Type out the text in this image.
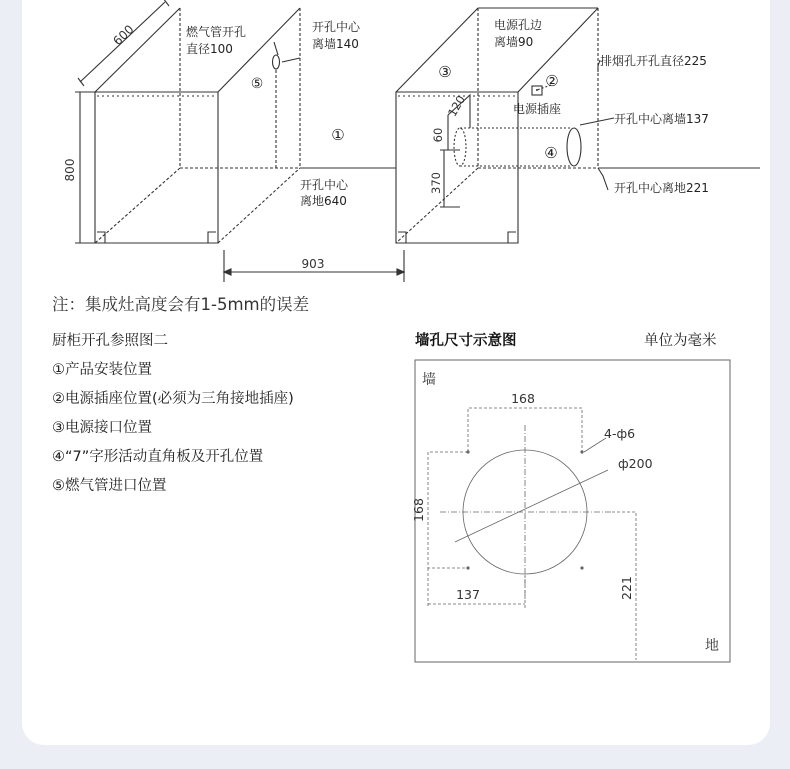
600
800
903
120
60
370
燃气管开孔
直径100
开孔中心
离墙140
开孔中心
离地640
电源孔边
离墙90
排烟孔开孔直径225
电源插座
开孔中心离墙137
开孔中心离地221
⑤
①
③	②
④
注：集成灶高度会有1-5mm的误差
厨柜开孔参照图二
①产品安装位置
②电源插座位置(必须为三角接地插座)
③电源接口位置
④“7”字形活动直角板及开孔位置
⑤燃气管进口位置
墙孔尺寸示意图	单位为毫米
墙
地
168
168
137	221
4-ф6
ф200
